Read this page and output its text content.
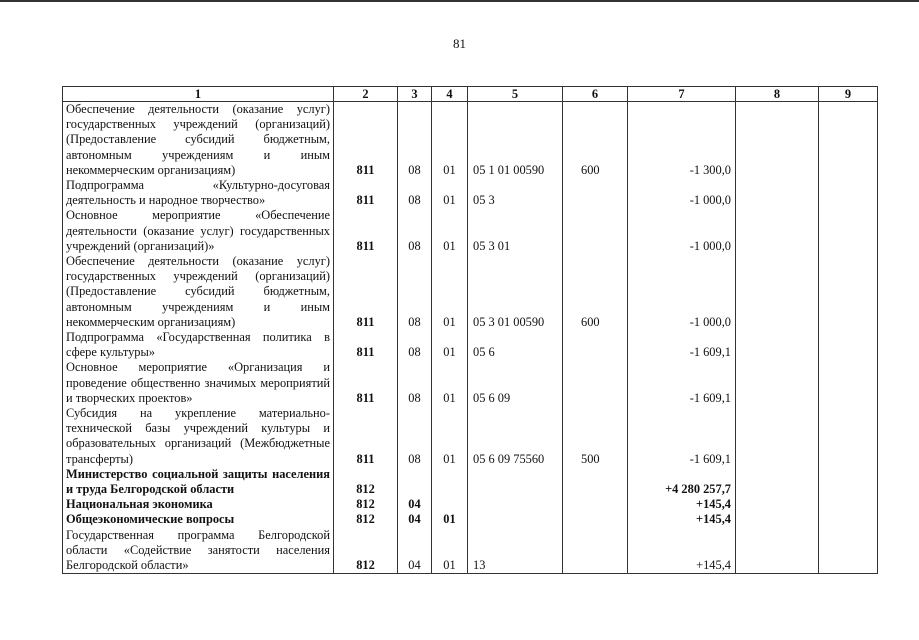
81
1	2	3	4	5	6	7	8	9
Обеспечение деятельности (оказание услуг) государственных учреждений (организаций) (Предоставление субсидий бюджетным, автономным учреждениям и иным некоммерческим организациям)	811	08	01	05 1 01 00590	600	-1 300,0		
Подпрограмма «Культурно-досуговая деятельность и народное творчество»	811	08	01	05 3		-1 000,0		
Основное мероприятие «Обеспечение деятельности (оказание услуг) государственных учреждений (организаций)»	811	08	01	05 3 01		-1 000,0		
Обеспечение деятельности (оказание услуг) государственных учреждений (организаций) (Предоставление субсидий бюджетным, автономным учреждениям и иным некоммерческим организациям)	811	08	01	05 3 01 00590	600	-1 000,0		
Подпрограмма «Государственная политика в сфере культуры»	811	08	01	05 6		-1 609,1		
Основное мероприятие «Организация и проведение общественно значимых мероприятий и творческих проектов»	811	08	01	05 6 09		-1 609,1		
Субсидия на укрепление материально-технической базы учреждений культуры и образовательных организаций (Межбюджетные трансферты)	811	08	01	05 6 09 75560	500	-1 609,1		
Министерство социальной защиты населения и труда Белгородской области	812					+4 280 257,7		
Национальная экономика	812	04				+145,4		
Общеэкономические вопросы	812	04	01			+145,4		
Государственная программа Белгородской области «Содействие занятости населения Белгородской области»	812	04	01	13		+145,4		
